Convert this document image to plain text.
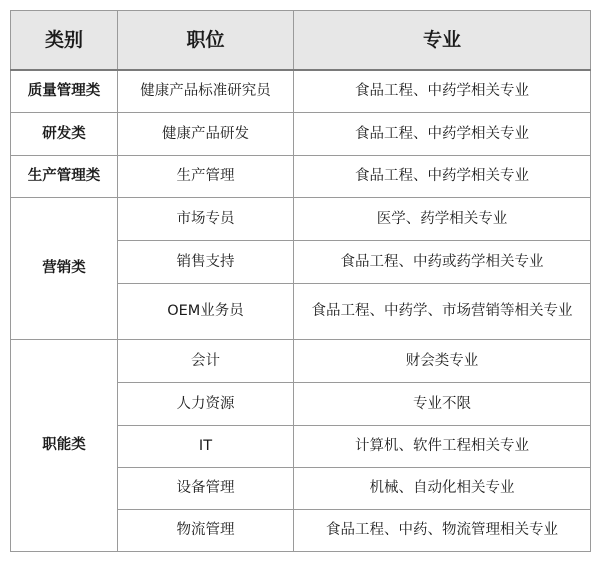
类别	职位	专业
质量管理类	健康产品标准研究员	食品工程、中药学相关专业
研发类	健康产品研发	食品工程、中药学相关专业
生产管理类	生产管理	食品工程、中药学相关专业
营销类	市场专员	医学、药学相关专业
	销售支持	食品工程、中药或药学相关专业
	OEM业务员	食品工程、中药学、市场营销等相关专业
职能类	会计	财会类专业
	人力资源	专业不限
	IT	计算机、软件工程相关专业
	设备管理	机械、自动化相关专业
	物流管理	食品工程、中药、物流管理相关专业
